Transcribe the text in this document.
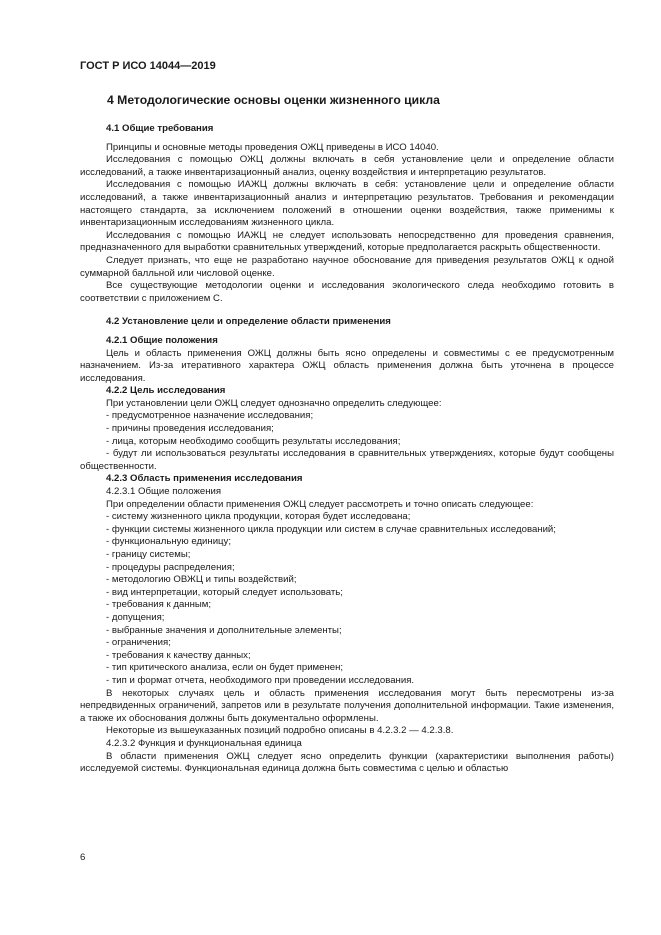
ГОСТ Р ИСО 14044—2019

4 Методологические основы оценки жизненного цикла

4.1 Общие требования

Принципы и основные методы проведения ОЖЦ приведены в ИСО 14040.

Исследования с помощью ОЖЦ должны включать в себя установление цели и определение области исследований, а также инвентаризационный анализ, оценку воздействия и интерпретацию результатов.

Исследования с помощью ИАЖЦ должны включать в себя: установление цели и определение области исследований, а также инвентаризационный анализ и интерпретацию результатов. Требования и рекомендации настоящего стандарта, за исключением положений в отношении оценки воздействия, также применимы к инвентаризационным исследованиям жизненного цикла.

Исследования с помощью ИАЖЦ не следует использовать непосредственно для проведения сравнения, предназначенного для выработки сравнительных утверждений, которые предполагается раскрыть общественности.

Следует признать, что еще не разработано научное обоснование для приведения результатов ОЖЦ к одной суммарной балльной или числовой оценке.

Все существующие методологии оценки и исследования экологического следа необходимо готовить в соответствии с приложением С.

4.2 Установление цели и определение области применения

4.2.1 Общие положения

Цель и область применения ОЖЦ должны быть ясно определены и совместимы с ее предусмотренным назначением. Из-за итеративного характера ОЖЦ область применения должна быть уточнена в процессе исследования.

4.2.2 Цель исследования

При установлении цели ОЖЦ следует однозначно определить следующее:

- предусмотренное назначение исследования;

- причины проведения исследования;

- лица, которым необходимо сообщить результаты исследования;

- будут ли использоваться результаты исследования в сравнительных утверждениях, которые будут сообщены общественности.

4.2.3 Область применения исследования

4.2.3.1 Общие положения

При определении области применения ОЖЦ следует рассмотреть и точно описать следующее:

- систему жизненного цикла продукции, которая будет исследована;

- функции системы жизненного цикла продукции или систем в случае сравнительных исследований;

- функциональную единицу;

- границу системы;

- процедуры распределения;

- методологию ОВЖЦ и типы воздействий;

- вид интерпретации, который следует использовать;

- требования к данным;

- допущения;

- выбранные значения и дополнительные элементы;

- ограничения;

- требования к качеству данных;

- тип критического анализа, если он будет применен;

- тип и формат отчета, необходимого при проведении исследования.

В некоторых случаях цель и область применения исследования могут быть пересмотрены из-за непредвиденных ограничений, запретов или в результате получения дополнительной информации. Такие изменения, а также их обоснования должны быть документально оформлены.

Некоторые из вышеуказанных позиций подробно описаны в 4.2.3.2 — 4.2.3.8.

4.2.3.2 Функция и функциональная единица

В области применения ОЖЦ следует ясно определить функции (характеристики выполнения работы) исследуемой системы. Функциональная единица должна быть совместима с целью и областью

6
